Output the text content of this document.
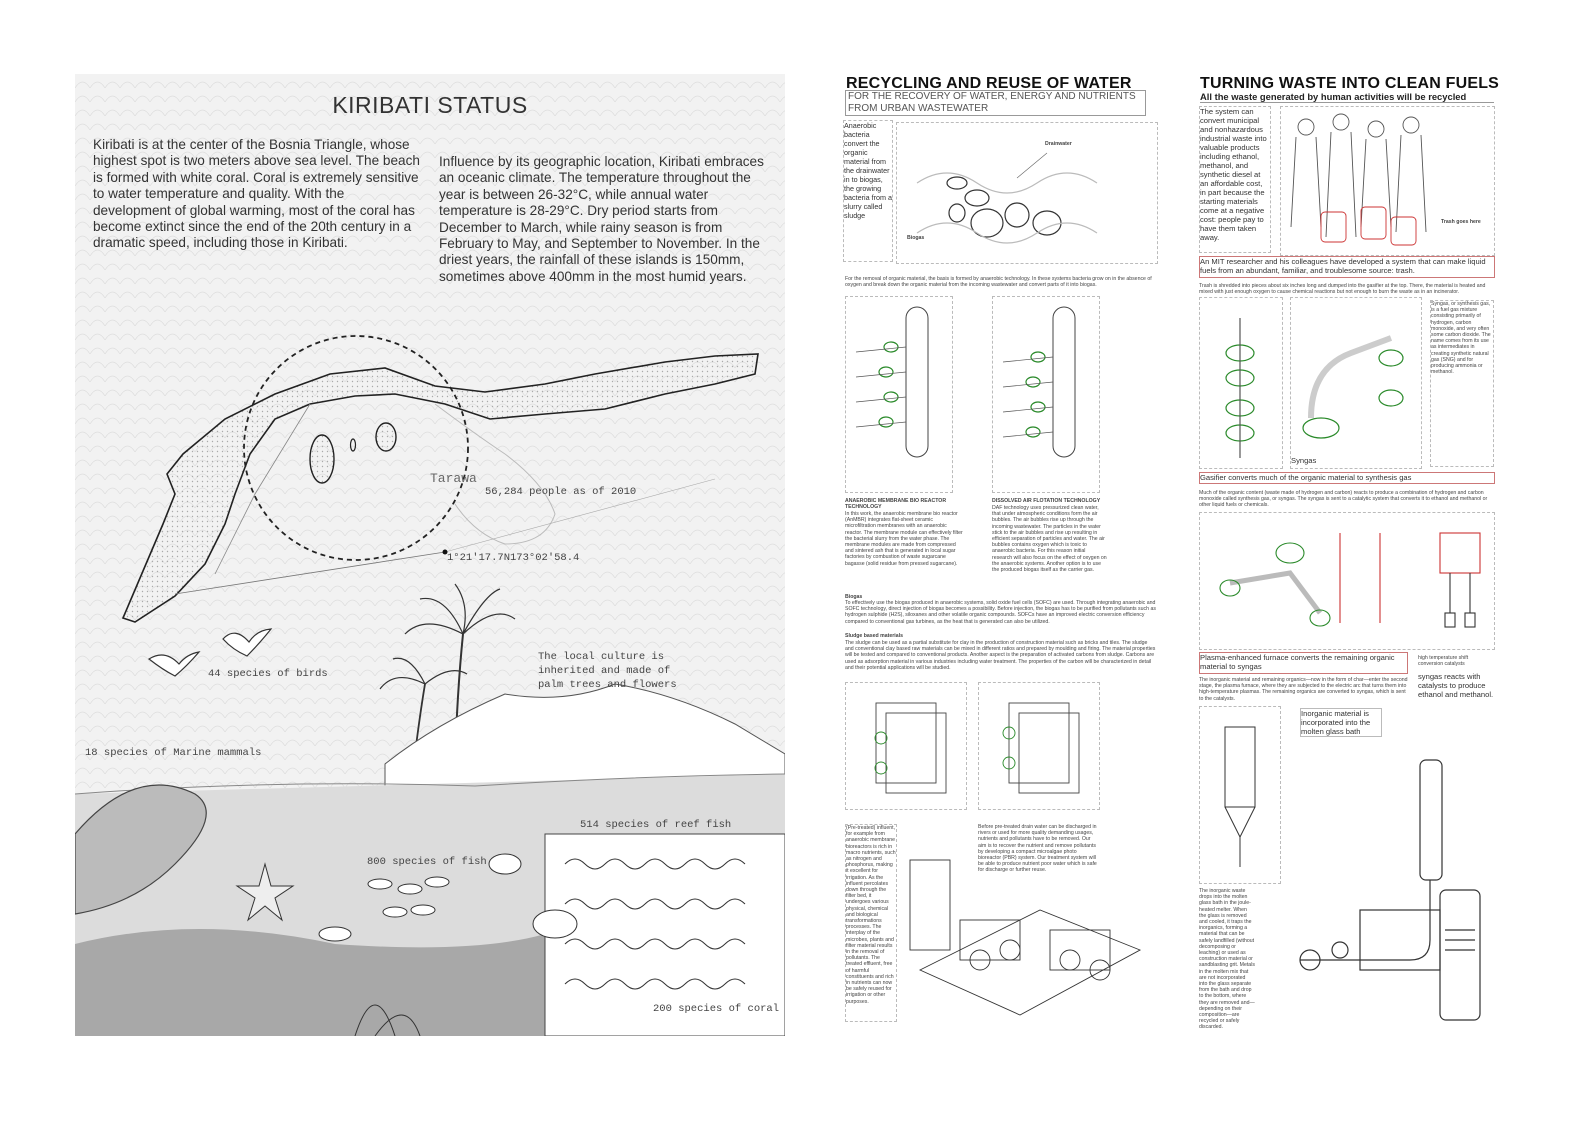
KIRIBATI STATUS
Kiribati is at the center of the Bosnia Triangle, whose highest spot is two meters above sea level. The beach is formed with white coral. Coral is extremely sensitive to water temperature and quality. With the development of global warming, most of the coral has become extinct since the end of the 20th century in a dramatic speed, including those in Kiribati.
Influence by its geographic location, Kiribati embraces an oceanic climate. The temperature throughout the year is between 26-32°C, while annual water temperature is 28-29°C. Dry period starts from December to March, while rainy season is from February to May, and September to November. In the driest years, the rainfall of these islands is 150mm, sometimes above 400mm in the most humid years.
Tarawa
56,284 people as of 2010
1°21'17.7N173°02'58.4
44 species of birds
The local culture is inherited and made of palm trees and flowers
18 species of Marine mammals
514 species of reef fish
800 species of fish
200 species of coral
RECYCLING AND REUSE OF WATER
FOR THE RECOVERY OF WATER, ENERGY AND NUTRIENTS FROM URBAN WASTEWATER
Anaerobic bacteria convert the organic material from the drainwater in to biogas, the growing bacteria from a slurry called sludge
Drainwater
Biogas
For the removal of organic material, the basis is formed by anaerobic technology. In these systems bacteria grow on in the absence of oxygen and break down the organic material from the incoming wastewater and convert parts of it into biogas.
ANAEROBIC MEMBRANE BIO REACTOR TECHNOLOGY
In this work, the anaerobic membrane bio reactor (AnMBR) integrates flat-sheet ceramic microfiltration membranes with an anaerobic reactor. The membrane module can effectively filter the bacterial slurry from the water phase. The membrane modules are made from compressed and sintered ash that is generated in local sugar factories by combustion of waste sugarcane bagasse (solid residue from pressed sugarcane).
DISSOLVED AIR FLOTATION TECHNOLOGY
DAF technology uses pressurized clean water, that under atmospheric conditions form the air bubbles. The air bubbles rise up through the incoming wastewater. The particles in the water stick to the air bubbles and rise up resulting in efficient separation of particles and water. The air bubbles contains oxygen which is toxic to anaerobic bacteria. For this reason initial research will also focus on the effect of oxygen on the anaerobic systems. Another option is to use the produced biogas itself as the carrier gas.
Biogas
To effectively use the biogas produced in anaerobic systems, solid oxide fuel cells (SOFC) are used. Through integrating anaerobic and SOFC technology, direct injection of biogas becomes a possibility. Before injection, the biogas has to be purified from pollutants such as hydrogen sulphide (H2S), siloxanes and other volatile organic compounds. SOFCs have an improved electric conversion efficiency compared to conventional gas turbines, as the heat that is generated can also be utilized.
Sludge based materials
The sludge can be used as a partial substitute for clay in the production of construction material such as bricks and tiles. The sludge and conventional clay based raw materials can be mixed in different ratios and prepared by moulding and firing. The material properties will be tested and compared to conventional products. Another aspect is the preparation of activated carbons from sludge. Carbons are used as adsorption material in various industries including water treatment. The properties of the carbon will be characterized in detail and their potential applications will be studied.
(Pre-treated) influent, for example from anaerobic membrane bioreactors is rich in macro nutrients, such as nitrogen and phosphorus, making it excellent for irrigation. As the influent percolates down through the filter bed, it undergoes various physical, chemical and biological transformations processes. The interplay of the microbes, plants and filter material results in the removal of pollutants. The treated effluent, free of harmful constituents and rich in nutrients can now be safely reused for irrigation or other purposes.
Before pre-treated drain water can be discharged in rivers or used for more quality demanding usages, nutrients and pollutants have to be removed. Our aim is to recover the nutrient and remove pollutants by developing a compact microalgae photo bioreactor (PBR) system. Our treatment system will be able to produce nutrient poor water which is safe for discharge or further reuse.
TURNING WASTE INTO CLEAN FUELS
All the waste generated by human activities will be recycled
The system can convert municipal and nonhazardous industrial waste into valuable products including ethanol, methanol, and synthetic diesel at an affordable cost, in part because the starting materials come at a negative cost: people pay to have them taken away.
Trash goes here
An MIT researcher and his colleagues have developed a system that can make liquid fuels from an abundant, familiar, and troublesome source: trash.
Trash is shredded into pieces about six inches long and dumped into the gasifier at the top. There, the material is heated and mixed with just enough oxygen to cause chemical reactions but not enough to burn the waste as in an incinerator.
Syngas
Syngas, or synthesis gas, is a fuel gas mixture consisting primarily of hydrogen, carbon monoxide, and very often some carbon dioxide. The name comes from its use as intermediates in creating synthetic natural gas (SNG) and for producing ammonia or methanol.
Gasifier converts much of the organic material to synthesis gas
Much of the organic content (waste made of hydrogen and carbon) reacts to produce a combination of hydrogen and carbon monoxide called synthesis gas, or syngas. The syngas is sent to a catalytic system that converts it to ethanol and methanol or other liquid fuels or chemicals.
Plasma-enhanced furnace converts the remaining organic material to syngas
high temperature shift conversion catalysts
syngas reacts with catalysts to produce ethanol and methanol.
The inorganic material and remaining organics—now in the form of char—enter the second stage, the plasma furnace, where they are subjected to the electric arc that turns them into high-temperature plasmas. The remaining organics are converted to syngas, which is sent to the catalysts.
Inorganic material is incorporated into the molten glass bath
The inorganic waste drops into the molten glass bath in the joule-heated melter. When the glass is removed and cooled, it traps the inorganics, forming a material that can be safely landfilled (without decomposing or leaching) or used as construction material or sandblasting grit. Metals in the molten mix that are not incorporated into the glass separate from the bath and drop to the bottom, where they are removed and—depending on their composition—are recycled or safely discarded.
